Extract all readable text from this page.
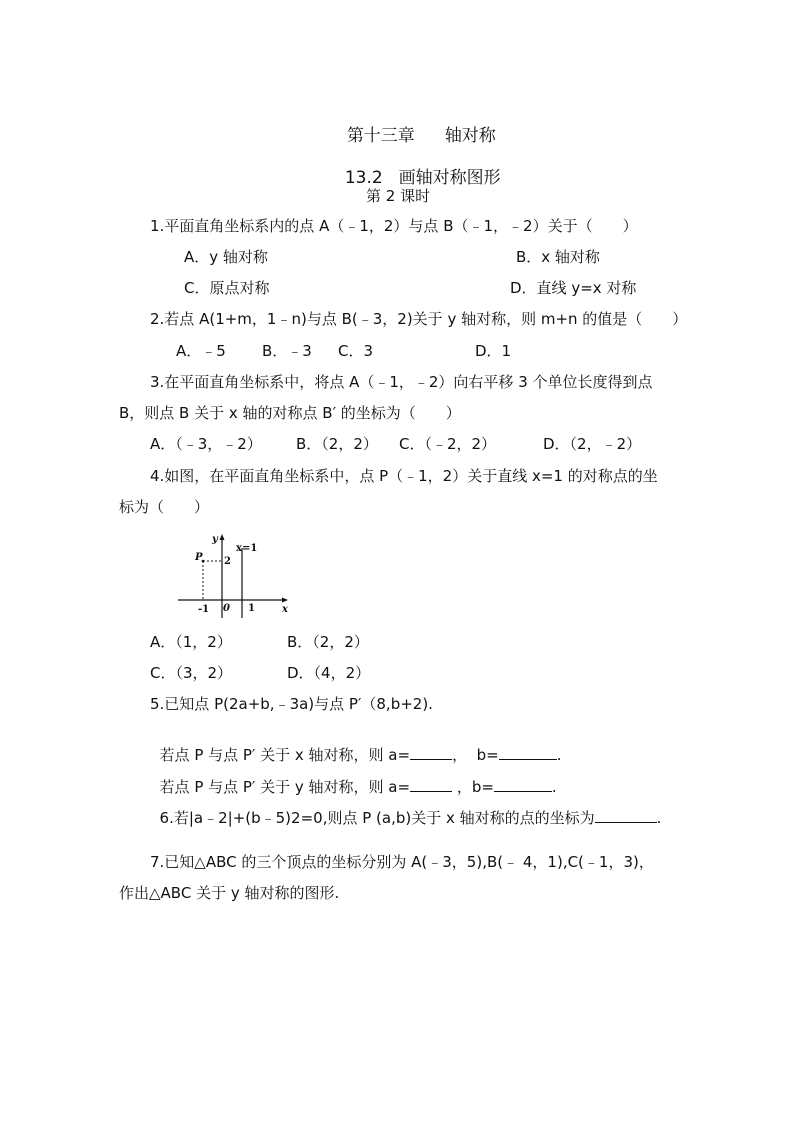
第十三章 轴对称

13.2 画轴对称图形

第 2 课时
1.平面直角坐标系内的点 A（﹣1，2）与点 B（﹣1，﹣2）关于（　　）
A．y 轴对称	B．x 轴对称
C．原点对称	D．直线 y=x 对称
2.若点 A(1+m，1﹣n)与点 B(﹣3，2)关于 y 轴对称，则 m+n 的值是（　　）
A．﹣5 B．﹣3 C．3	D．1
3.在平面直角坐标系中，将点 A（﹣1，﹣2）向右平移 3 个单位长度得到点
B，则点 B 关于 x 轴的对称点 B′ 的坐标为（　　）
A．（﹣3，﹣2） B．（2，2） C．（﹣2，2）	D．（2，﹣2）
4.如图，在平面直角坐标系中，点 P（﹣1，2）关于直线 x=1 的对称点的坐
标为（　　）
y
x
x=1
P 2
-1 0 1
A．（1，2）	B．（2，2）
C．（3，2）	D．（4，2）
5.已知点 P(2a+b,﹣3a)与点 P′（8,b+2).

若点 P 与点 P′ 关于 x 轴对称，则 a=	，  b=	.

若点 P 与点 P′ 关于 y 轴对称，则 a=	，b=	.

6.若|a﹣2|+(b﹣5)2=0,则点 P (a,b)关于 x 轴对称的点的坐标为	.

7.已知△ABC 的三个顶点的坐标分别为 A(﹣3，5),B(﹣ 4，1),C(﹣1，3)，
作出△ABC 关于 y 轴对称的图形.
